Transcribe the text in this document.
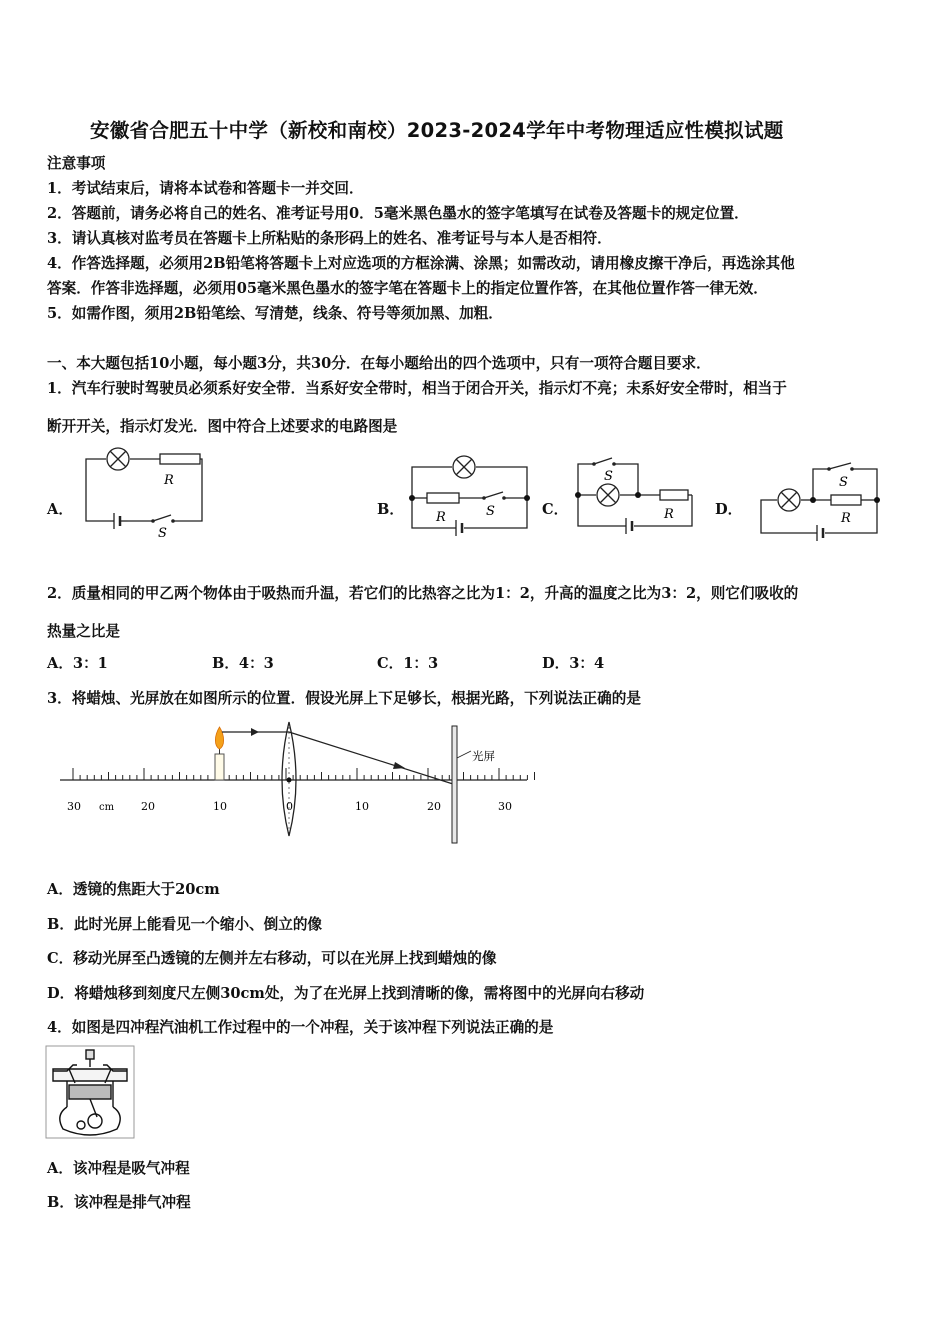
安徽省合肥五十中学（新校和南校）2023-2024学年中考物理适应性模拟试题
注意事项
1．考试结束后，请将本试卷和答题卡一并交回．
2．答题前，请务必将自己的姓名、准考证号用0．5毫米黑色墨水的签字笔填写在试卷及答题卡的规定位置．
3．请认真核对监考员在答题卡上所粘贴的条形码上的姓名、准考证号与本人是否相符．
4．作答选择题，必须用2B铅笔将答题卡上对应选项的方框涂满、涂黑；如需改动，请用橡皮擦干净后，再选涂其他
答案．作答非选择题，必须用05毫米黑色墨水的签字笔在答题卡上的指定位置作答，在其他位置作答一律无效．
5．如需作图，须用2B铅笔绘、写清楚，线条、符号等须加黑、加粗．
一、本大题包括10小题，每小题3分，共30分．在每小题给出的四个选项中，只有一项符合题目要求．
1．汽车行驶时驾驶员必须系好安全带．当系好安全带时，相当于闭合开关，指示灯不亮；未系好安全带时，相当于
断开开关，指示灯发光．图中符合上述要求的电路图是
A．	B．	C．	D．
R
S
R	S
S
R
S
R
2．质量相同的甲乙两个物体由于吸热而升温，若它们的比热容之比为1：2，升高的温度之比为3：2，则它们吸收的
热量之比是
A．3：1	B．4：3	C．1：3	D．3：4
3．将蜡烛、光屏放在如图所示的位置．假设光屏上下足够长，根据光路，下列说法正确的是
光屏
30 cm 20	10	0	10	20	30
A．透镜的焦距大于20cm
B．此时光屏上能看见一个缩小、倒立的像
C．移动光屏至凸透镜的左侧并左右移动，可以在光屏上找到蜡烛的像
D．将蜡烛移到刻度尺左侧30cm处，为了在光屏上找到清晰的像，需将图中的光屏向右移动
4．如图是四冲程汽油机工作过程中的一个冲程，关于该冲程下列说法正确的是
A．该冲程是吸气冲程
B．该冲程是排气冲程
